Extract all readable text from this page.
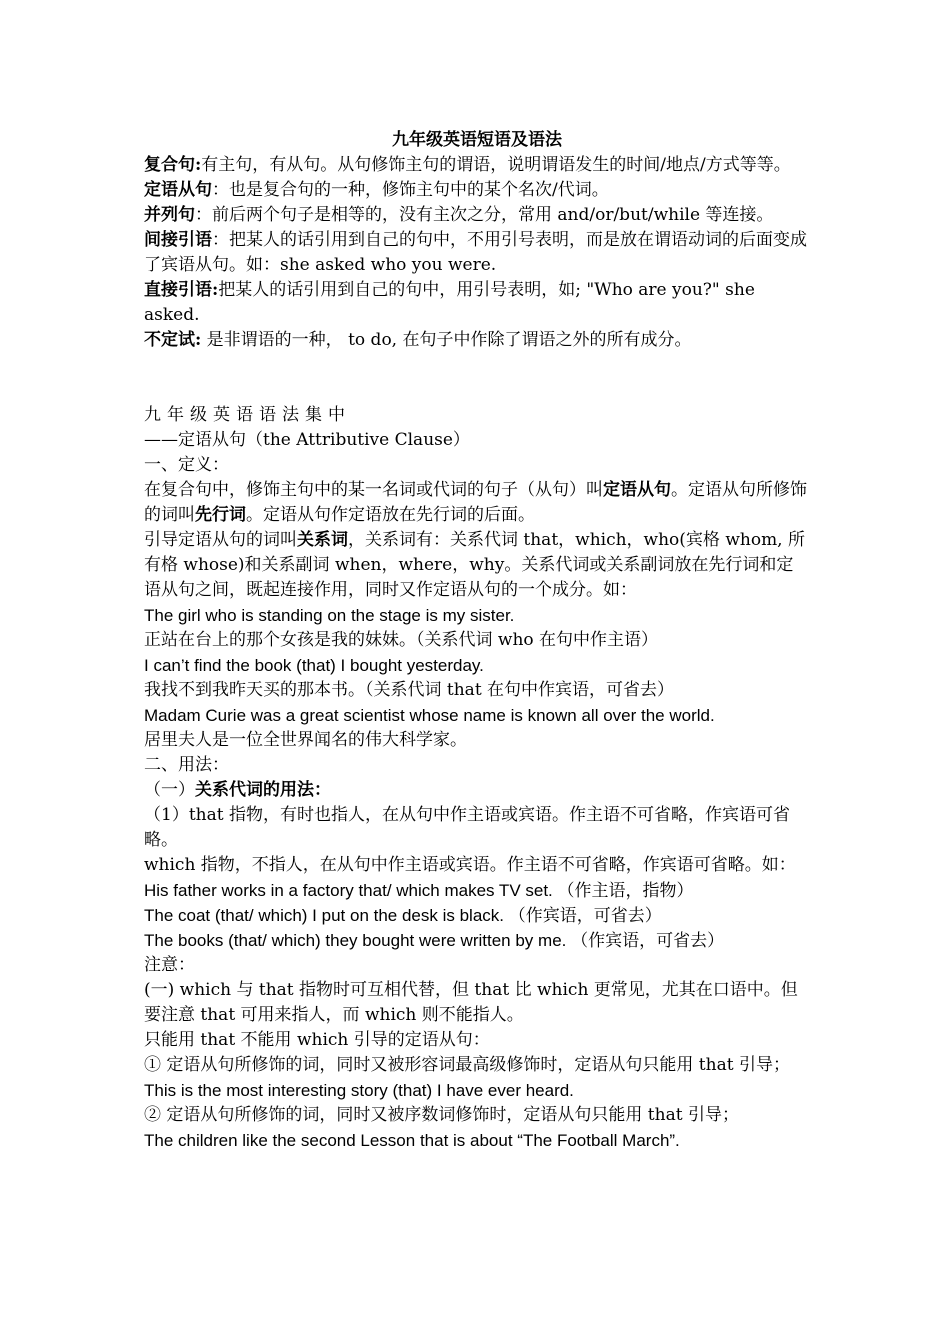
九年级英语短语及语法

复合句:有主句，有从句。从句修饰主句的谓语，说明谓语发生的时间/地点/方式等等。

定语从句：也是复合句的一种，修饰主句中的某个名次/代词。

并列句：前后两个句子是相等的，没有主次之分，常用 and/or/but/while 等连接。

间接引语：把某人的话引用到自己的句中，不用引号表明，而是放在谓语动词的后面变成了宾语从句。如：she asked who you were.

直接引语:把某人的话引用到自己的句中，用引号表明，如; "Who are you?" she asked.

不定试: 是非谓语的一种， to do, 在句子中作除了谓语之外的所有成分。

九年级英语语法集中

——定语从句（the Attributive Clause）

一、定义：

在复合句中，修饰主句中的某一名词或代词的句子（从句）叫定语从句。定语从句所修饰的词叫先行词。定语从句作定语放在先行词的后面。

引导定语从句的词叫关系词，关系词有：关系代词 that，which，who(宾格 whom, 所有格 whose)和关系副词 when，where，why。关系代词或关系副词放在先行词和定语从句之间，既起连接作用，同时又作定语从句的一个成分。如：

The girl who is standing on the stage is my sister.

正站在台上的那个女孩是我的妹妹。（关系代词 who 在句中作主语）

I can’t find the book (that) I bought yesterday.

我找不到我昨天买的那本书。（关系代词 that 在句中作宾语，可省去）

Madam Curie was a great scientist whose name is known all over the world.

居里夫人是一位全世界闻名的伟大科学家。

二、用法：

（一）关系代词的用法：

（1）that 指物，有时也指人，在从句中作主语或宾语。作主语不可省略，作宾语可省略。

which 指物，不指人，在从句中作主语或宾语。作主语不可省略，作宾语可省略。如：

His father works in a factory that/ which makes TV set. （作主语，指物）

The coat (that/ which) I put on the desk is black. （作宾语，可省去）

The books (that/ which) they bought were written by me. （作宾语，可省去）

注意：

(一) which 与 that 指物时可互相代替，但 that 比 which 更常见，尤其在口语中。但要注意 that 可用来指人，而 which 则不能指人。

只能用 that 不能用 which 引导的定语从句：

① 定语从句所修饰的词，同时又被形容词最高级修饰时，定语从句只能用 that 引导；

This is the most interesting story (that) I have ever heard.

② 定语从句所修饰的词，同时又被序数词修饰时，定语从句只能用 that 引导；

The children like the second Lesson that is about “The Football March”.
